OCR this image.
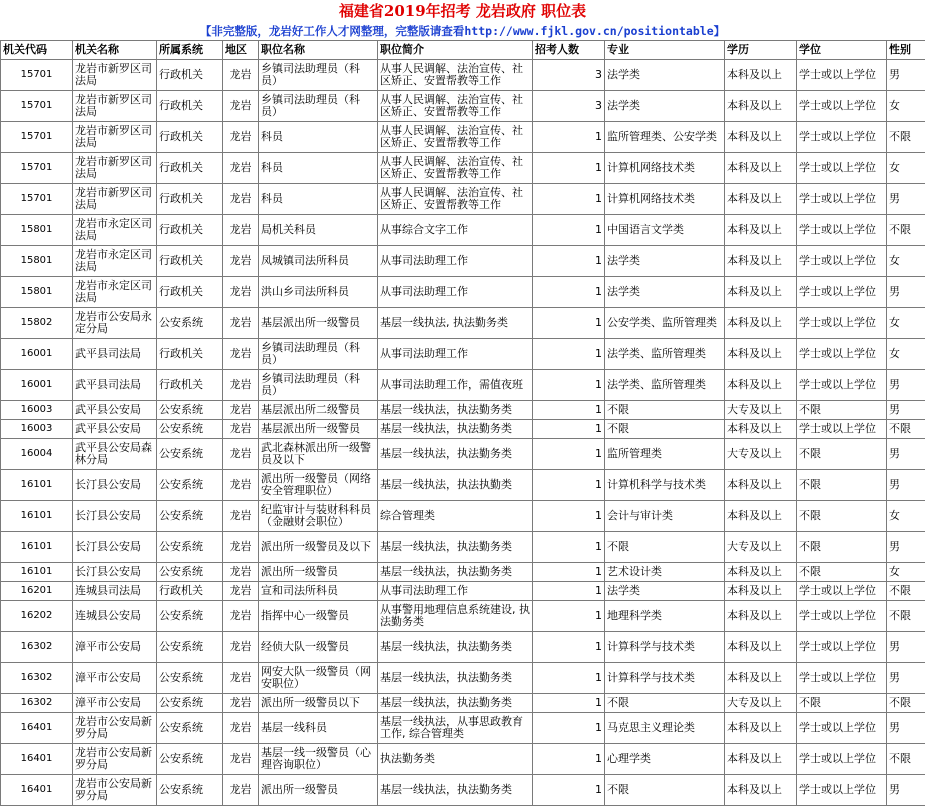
福建省2019年招考 龙岩政府 职位表
【非完整版，龙岩好工作人才网整理，完整版请查看http://www.fjkl.gov.cn/positiontable】
机关代码	机关名称	所属系统	地区	职位名称	职位简介	招考人数	专业	学历	学位	性别
15701	龙岩市新罗区司法局	行政机关	龙岩	乡镇司法助理员（科员）	从事人民调解、法治宣传、社区矫正、安置帮教等工作	3	法学类	本科及以上	学士或以上学位	男
15701	龙岩市新罗区司法局	行政机关	龙岩	乡镇司法助理员（科员）	从事人民调解、法治宣传、社区矫正、安置帮教等工作	3	法学类	本科及以上	学士或以上学位	女
15701	龙岩市新罗区司法局	行政机关	龙岩	科员	从事人民调解、法治宣传、社区矫正、安置帮教等工作	1	监所管理类、公安学类	本科及以上	学士或以上学位	不限
15701	龙岩市新罗区司法局	行政机关	龙岩	科员	从事人民调解、法治宣传、社区矫正、安置帮教等工作	1	计算机网络技术类	本科及以上	学士或以上学位	女
15701	龙岩市新罗区司法局	行政机关	龙岩	科员	从事人民调解、法治宣传、社区矫正、安置帮教等工作	1	计算机网络技术类	本科及以上	学士或以上学位	男
15801	龙岩市永定区司法局	行政机关	龙岩	局机关科员	从事综合文字工作	1	中国语言文学类	本科及以上	学士或以上学位	不限
15801	龙岩市永定区司法局	行政机关	龙岩	凤城镇司法所科员	从事司法助理工作	1	法学类	本科及以上	学士或以上学位	女
15801	龙岩市永定区司法局	行政机关	龙岩	洪山乡司法所科员	从事司法助理工作	1	法学类	本科及以上	学士或以上学位	男
15802	龙岩市公安局永定分局	公安系统	龙岩	基层派出所一级警员	基层一线执法, 执法勤务类	1	公安学类、监所管理类	本科及以上	学士或以上学位	女
16001	武平县司法局	行政机关	龙岩	乡镇司法助理员（科员）	从事司法助理工作	1	法学类、监所管理类	本科及以上	学士或以上学位	女
16001	武平县司法局	行政机关	龙岩	乡镇司法助理员（科员）	从事司法助理工作，需值夜班	1	法学类、监所管理类	本科及以上	学士或以上学位	男
16003	武平县公安局	公安系统	龙岩	基层派出所二级警员	基层一线执法，执法勤务类	1	不限	大专及以上	不限	男
16003	武平县公安局	公安系统	龙岩	基层派出所一级警员	基层一线执法，执法勤务类	1	不限	本科及以上	学士或以上学位	不限
16004	武平县公安局森林分局	公安系统	龙岩	武北森林派出所一级警员及以下	基层一线执法，执法勤务类	1	监所管理类	大专及以上	不限	男
16101	长汀县公安局	公安系统	龙岩	派出所一级警员（网络安全管理职位）	基层一线执法，执法执勤类	1	计算机科学与技术类	本科及以上	不限	男
16101	长汀县公安局	公安系统	龙岩	纪监审计与装财科科员（金融财会职位）	综合管理类	1	会计与审计类	本科及以上	不限	女
16101	长汀县公安局	公安系统	龙岩	派出所一级警员及以下	基层一线执法，执法勤务类	1	不限	大专及以上	不限	男
16101	长汀县公安局	公安系统	龙岩	派出所一级警员	基层一线执法，执法勤务类	1	艺术设计类	本科及以上	不限	女
16201	连城县司法局	行政机关	龙岩	宣和司法所科员	从事司法助理工作	1	法学类	本科及以上	学士或以上学位	不限
16202	连城县公安局	公安系统	龙岩	指挥中心一级警员	从事警用地理信息系统建设, 执法勤务类	1	地理科学类	本科及以上	学士或以上学位	不限
16302	漳平市公安局	公安系统	龙岩	经侦大队一级警员	基层一线执法，执法勤务类	1	计算科学与技术类	本科及以上	学士或以上学位	男
16302	漳平市公安局	公安系统	龙岩	网安大队一级警员（网安职位）	基层一线执法，执法勤务类	1	计算科学与技术类	本科及以上	学士或以上学位	男
16302	漳平市公安局	公安系统	龙岩	派出所一级警员以下	基层一线执法，执法勤务类	1	不限	大专及以上	不限	不限
16401	龙岩市公安局新罗分局	公安系统	龙岩	基层一线科员	基层一线执法，从事思政教育工作, 综合管理类	1	马克思主义理论类	本科及以上	学士或以上学位	男
16401	龙岩市公安局新罗分局	公安系统	龙岩	基层一线一级警员（心理咨询职位）	执法勤务类	1	心理学类	本科及以上	学士或以上学位	不限
16401	龙岩市公安局新罗分局	公安系统	龙岩	派出所一级警员	基层一线执法，执法勤务类	1	不限	本科及以上	学士或以上学位	男
